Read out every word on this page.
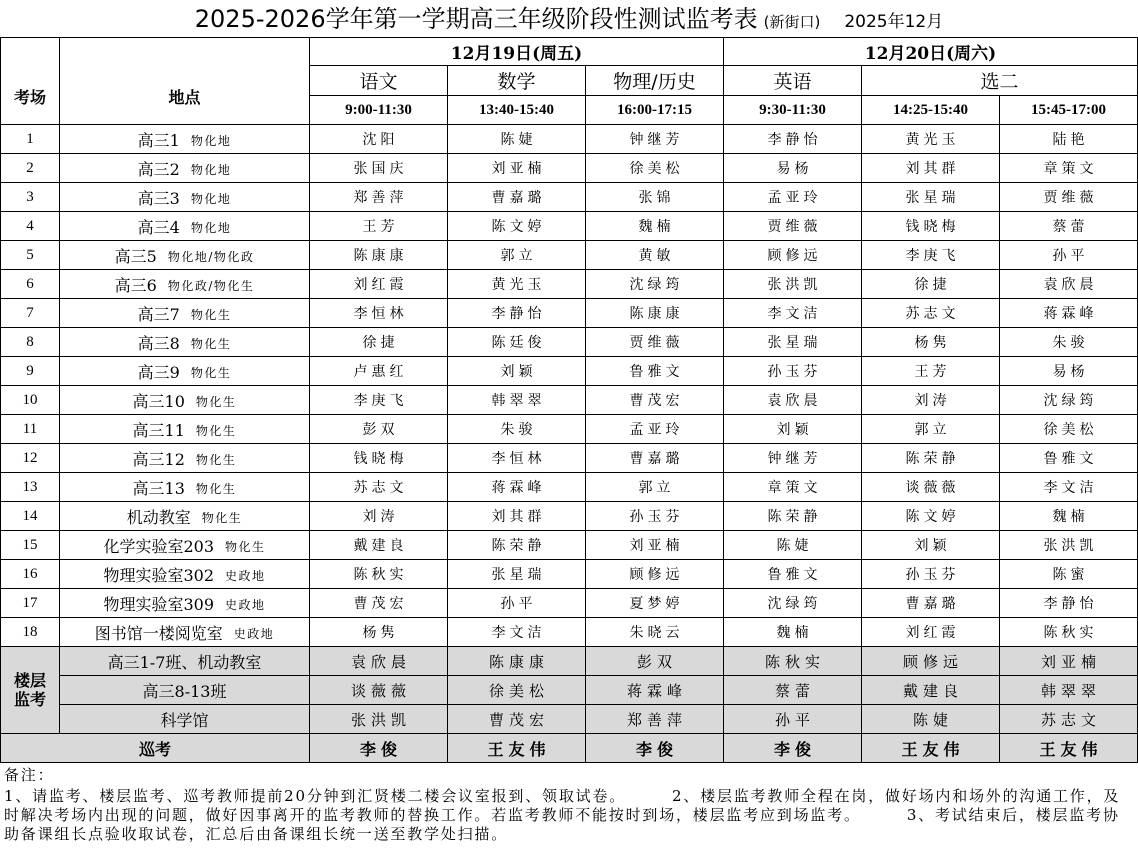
2025-2026学年第一学期高三年级阶段性测试监考表 (新街口) 2025年12月
考场	地点
12月19日(周五)	12月20日(周六)
语文	数学	物理/历史	英语	选二
9:00-11:30	13:40-15:40	16:00-17:15	9:30-11:30	14:25-15:40	15:45-17:00
1	高三1 物化地	沈阳	陈婕	钟继芳	李静怡	黄光玉	陆艳
2	高三2 物化地	张国庆	刘亚楠	徐美松	易杨	刘其群	章策文
3	高三3 物化地	郑善萍	曹嘉璐	张锦	孟亚玲	张星瑞	贾维薇
4	高三4 物化地	王芳	陈文婷	魏楠	贾维薇	钱晓梅	蔡蕾
5	高三5 物化地/物化政	陈康康	郭立	黄敏	顾修远	李庚飞	孙平
6	高三6 物化政/物化生	刘红霞	黄光玉	沈绿筠	张洪凯	徐捷	袁欣晨
7	高三7 物化生	李恒林	李静怡	陈康康	李文洁	苏志文	蒋霖峰
8	高三8 物化生	徐捷	陈廷俊	贾维薇	张星瑞	杨隽	朱骏
9	高三9 物化生	卢惠红	刘颖	鲁雅文	孙玉芬	王芳	易杨
10	高三10 物化生	李庚飞	韩翠翠	曹茂宏	袁欣晨	刘涛	沈绿筠
11	高三11 物化生	彭双	朱骏	孟亚玲	刘颖	郭立	徐美松
12	高三12 物化生	钱晓梅	李恒林	曹嘉璐	钟继芳	陈荣静	鲁雅文
13	高三13 物化生	苏志文	蒋霖峰	郭立	章策文	谈薇薇	李文洁
14	机动教室 物化生	刘涛	刘其群	孙玉芬	陈荣静	陈文婷	魏楠
15	化学实验室203 物化生	戴建良	陈荣静	刘亚楠	陈婕	刘颖	张洪凯
16	物理实验室302 史政地	陈秋实	张星瑞	顾修远	鲁雅文	孙玉芬	陈蜜
17	物理实验室309 史政地	曹茂宏	孙平	夏梦婷	沈绿筠	曹嘉璐	李静怡
18	图书馆一楼阅览室 史政地	杨隽	李文洁	朱晓云	魏楠	刘红霞	陈秋实
楼层监考
高三1-7班、机动教室	袁欣晨	陈康康	彭双	陈秋实	顾修远	刘亚楠
高三8-13班	谈薇薇	徐美松	蒋霖峰	蔡蕾	戴建良	韩翠翠
科学馆	张洪凯	曹茂宏	郑善萍	孙平	陈婕	苏志文
巡考	李俊	王友伟	李俊	李俊	王友伟	王友伟
备注：
1、请监考、楼层监考、巡考教师提前20分钟到汇贤楼二楼会议室报到、领取试卷。	2、楼层监考教师全程在岗，做好场内和场外的沟通工作，及时解决考场内出现的问题，做好因事离开的监考教师的替换工作。若监考教师不能按时到场，楼层监考应到场监考。	3、考试结束后，楼层监考协助备课组长点验收取试卷，汇总后由备课组长统一送至教学处扫描。
